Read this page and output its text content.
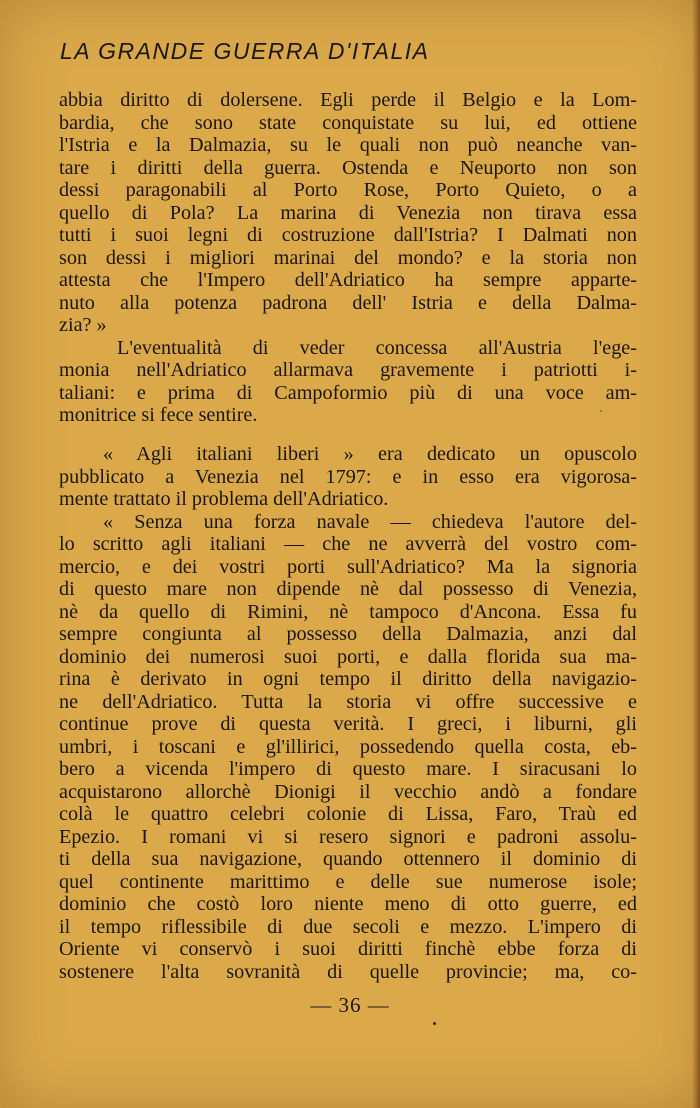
LA GRANDE GUERRA D'ITALIA
abbia diritto di dolersene. Egli perde il Belgio e la Lom-
bardia, che sono state conquistate su lui, ed ottiene
l'Istria e la Dalmazia, su le quali non può neanche van-
tare i diritti della guerra. Ostenda e Neuporto non son
dessi paragonabili al Porto Rose, Porto Quieto, o a
quello di Pola? La marina di Venezia non tirava essa
tutti i suoi legni di costruzione dall'Istria? I Dalmati non
son dessi i migliori marinai del mondo? e la storia non
attesta che l'Impero dell'Adriatico ha sempre apparte-
nuto alla potenza padrona dell' Istria e della Dalma-
zia? »
L'eventualità di veder concessa all'Austria l'ege-
monia nell'Adriatico allarmava gravemente i patriotti i-
taliani: e prima di Campoformio più di una voce am-
monitrice si fece sentire.
« Agli italiani liberi » era dedicato un opuscolo
pubblicato a Venezia nel 1797: e in esso era vigorosa-
mente trattato il problema dell'Adriatico.
« Senza una forza navale — chiedeva l'autore del-
lo scritto agli italiani — che ne avverrà del vostro com-
mercio, e dei vostri porti sull'Adriatico? Ma la signoria
di questo mare non dipende nè dal possesso di Venezia,
nè da quello di Rimini, nè tampoco d'Ancona. Essa fu
sempre congiunta al possesso della Dalmazia, anzi dal
dominio dei numerosi suoi porti, e dalla florida sua ma-
rina è derivato in ogni tempo il diritto della navigazio-
ne dell'Adriatico. Tutta la storia vi offre successive e
continue prove di questa verità. I greci, i liburni, gli
umbri, i toscani e gl'illirici, possedendo quella costa, eb-
bero a vicenda l'impero di questo mare. I siracusani lo
acquistarono allorchè Dionigi il vecchio andò a fondare
colà le quattro celebri colonie di Lissa, Faro, Traù ed
Epezio. I romani vi si resero signori e padroni assolu-
ti della sua navigazione, quando ottennero il dominio di
quel continente marittimo e delle sue numerose isole;
dominio che costò loro niente meno di otto guerre, ed
il tempo riflessibile di due secoli e mezzo. L'impero di
Oriente vi conservò i suoi diritti finchè ebbe forza di
sostenere l'alta sovranità di quelle provincie; ma, co-
— 36 —
